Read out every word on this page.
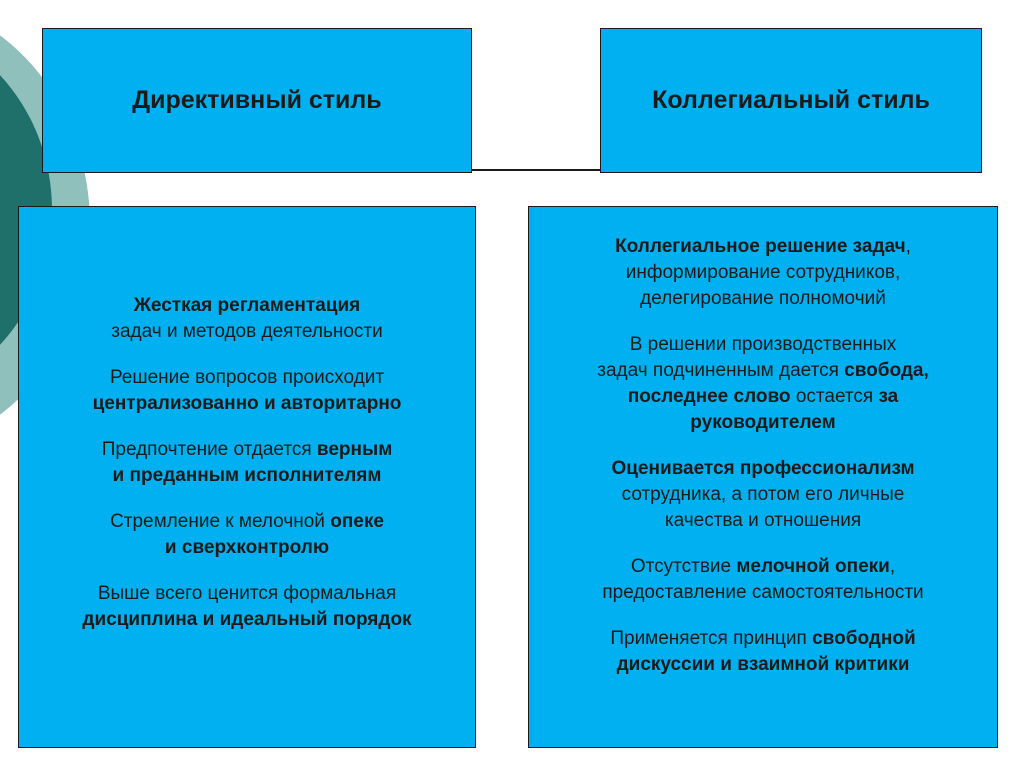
Директивный стиль	Коллегиальный стиль
Жесткая регламентация
задач и методов деятельности
Решение вопросов происходит
централизованно и авторитарно
Предпочтение отдается верным
и преданным исполнителям
Стремление к мелочной опеке
и сверхконтролю
Выше всего ценится формальная
дисциплина и идеальный порядок
Коллегиальное решение задач,
информирование сотрудников,
делегирование полномочий
В решении производственных
задач подчиненным дается свобода,
последнее слово остается за
руководителем
Оценивается профессионализм
сотрудника, а потом его личные
качества и отношения
Отсутствие мелочной опеки,
предоставление самостоятельности
Применяется принцип свободной
дискуссии и взаимной критики
